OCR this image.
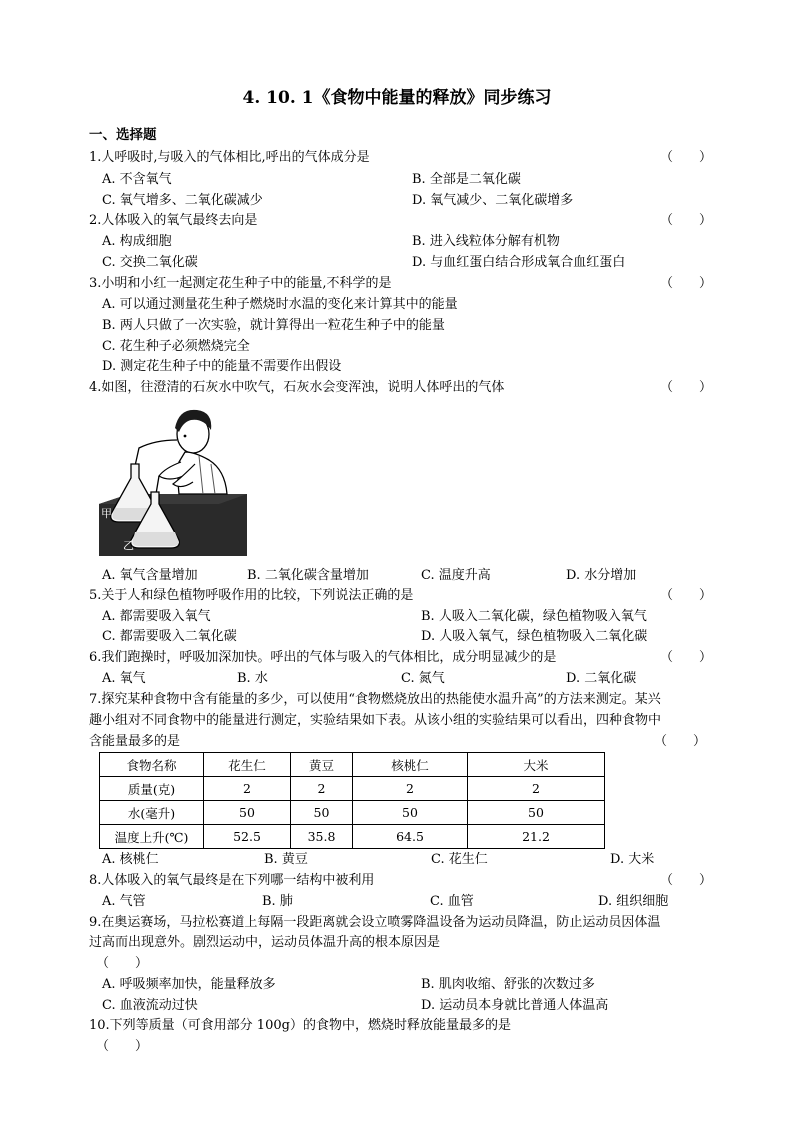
4. 10. 1《食物中能量的释放》同步练习
一、选择题
1.人呼吸时,与吸入的气体相比,呼出的气体成分是	（　　）
A. 不含氧气	B. 全部是二氧化碳
C. 氧气增多、二氧化碳减少	D. 氧气减少、二氧化碳增多
2.人体吸入的氧气最终去向是	（　　）
A. 构成细胞	B. 进入线粒体分解有机物
C. 交换二氧化碳	D. 与血红蛋白结合形成氧合血红蛋白
3.小明和小红一起测定花生种子中的能量,不科学的是	（　　）
A. 可以通过测量花生种子燃烧时水温的变化来计算其中的能量
B. 两人只做了一次实验，就计算得出一粒花生种子中的能量
C. 花生种子必须燃烧完全
D. 测定花生种子中的能量不需要作出假设
4.如图，往澄清的石灰水中吹气，石灰水会变浑浊，说明人体呼出的气体	（　　）
甲
乙
A. 氧气含量增加	B. 二氧化碳含量增加	C. 温度升高	D. 水分增加
5.关于人和绿色植物呼吸作用的比较，下列说法正确的是	（　　）
A. 都需要吸入氧气	B. 人吸入二氧化碳，绿色植物吸入氧气
C. 都需要吸入二氧化碳	D. 人吸入氧气，绿色植物吸入二氧化碳
6.我们跑操时，呼吸加深加快。呼出的气体与吸入的气体相比，成分明显减少的是	（　　）
A. 氧气	B. 水	C. 氮气	D. 二氧化碳
7.探究某种食物中含有能量的多少，可以使用“食物燃烧放出的热能使水温升高”的方法来测定。某兴
趣小组对不同食物中的能量进行测定，实验结果如下表。从该小组的实验结果可以看出，四种食物中
含能量最多的是	（　　）
食物名称	花生仁	黄豆	核桃仁	大米
质量(克)	2	2	2	2
水(毫升)	50	50	50	50
温度上升(℃)	52.5	35.8	64.5	21.2
A. 核桃仁	B. 黄豆	C. 花生仁	D. 大米
8.人体吸入的氧气最终是在下列哪一结构中被利用	（　　）
A. 气管	B. 肺	C. 血管	D. 组织细胞
9.在奥运赛场，马拉松赛道上每隔一段距离就会设立喷雾降温设备为运动员降温，防止运动员因体温
过高而出现意外。剧烈运动中，运动员体温升高的根本原因是
（　　）
A. 呼吸频率加快，能量释放多	B. 肌肉收缩、舒张的次数过多
C. 血液流动过快	D. 运动员本身就比普通人体温高
10.下列等质量（可食用部分 100g）的食物中，燃烧时释放能量最多的是
（　　）
